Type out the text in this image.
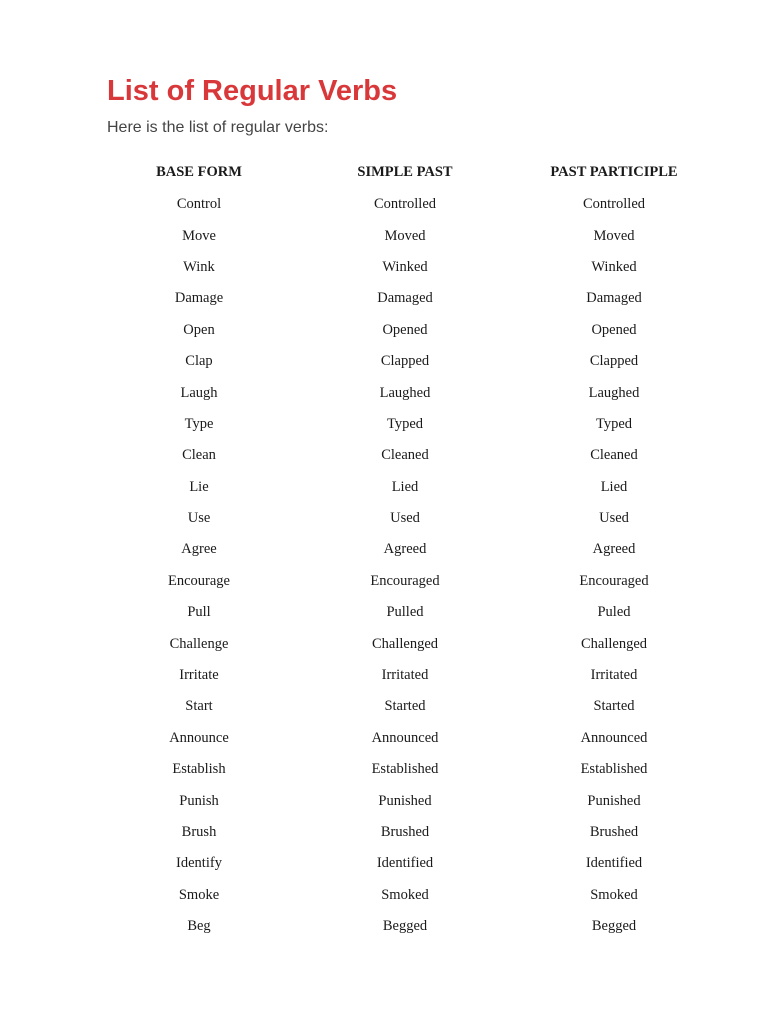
List of Regular Verbs

Here is the list of regular verbs:

BASE FORM	SIMPLE PAST	PAST PARTICIPLE
Control	Controlled	Controlled
Move	Moved	Moved
Wink	Winked	Winked
Damage	Damaged	Damaged
Open	Opened	Opened
Clap	Clapped	Clapped
Laugh	Laughed	Laughed
Type	Typed	Typed
Clean	Cleaned	Cleaned
Lie	Lied	Lied
Use	Used	Used
Agree	Agreed	Agreed
Encourage	Encouraged	Encouraged
Pull	Pulled	Puled
Challenge	Challenged	Challenged
Irritate	Irritated	Irritated
Start	Started	Started
Announce	Announced	Announced
Establish	Established	Established
Punish	Punished	Punished
Brush	Brushed	Brushed
Identify	Identified	Identified
Smoke	Smoked	Smoked
Beg	Begged	Begged
